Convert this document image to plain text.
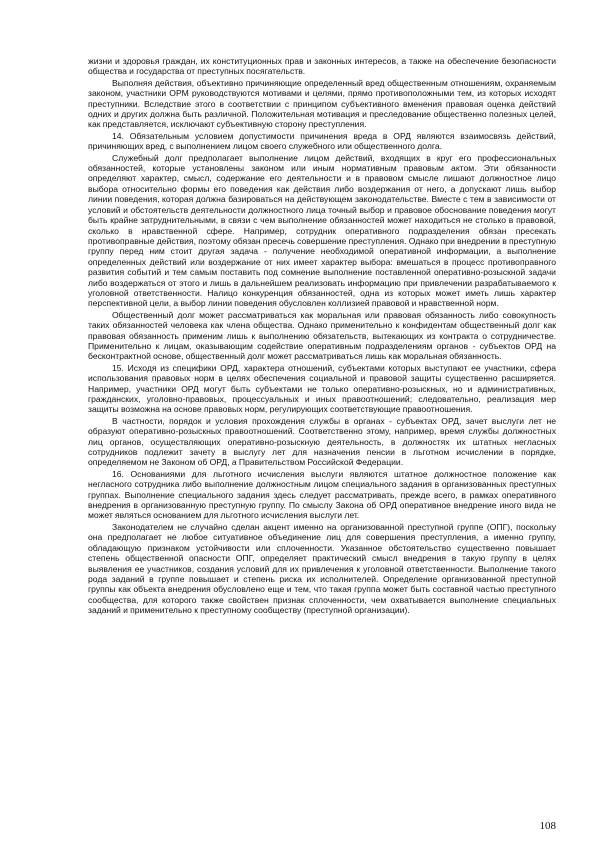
жизни и здоровья граждан, их конституционных прав и законных интересов, а также на обеспечение безопасности общества и государства от преступных посягательств.

Выполняя действия, объективно причиняющие определенный вред общественным отношениям, охраняемым законом, участники ОРМ руководствуются мотивами и целями, прямо противоположными тем, из которых исходят преступники. Вследствие этого в соответствии с принципом субъективного вменения правовая оценка действий одних и других должна быть различной. Положительная мотивация и преследование общественно полезных целей, как представляется, исключают субъективную сторону преступления.

14. Обязательным условием допустимости причинения вреда в ОРД являются взаимосвязь действий, причиняющих вред, с выполнением лицом своего служебного или общественного долга.

Служебный долг предполагает выполнение лицом действий, входящих в круг его профессиональных обязанностей, которые установлены законом или иным нормативным правовым актом. Эти обязанности определяют характер, смысл, содержание его деятельности и в правовом смысле лишают должностное лицо выбора относительно формы его поведения как действия либо воздержания от него, а допускают лишь выбор линии поведения, которая должна базироваться на действующем законодательстве. Вместе с тем в зависимости от условий и обстоятельств деятельности должностного лица точный выбор и правовое обоснование поведения могут быть крайне затруднительными, в связи с чем выполнение обязанностей может находиться не столько в правовой, сколько в нравственной сфере. Например, сотрудник оперативного подразделения обязан пресекать противоправные действия, поэтому обязан пресечь совершение преступления. Однако при внедрении в преступную группу перед ним стоит другая задача - получение необходимой оперативной информации, а выполнение определенных действий или воздержание от них имеет характер выбора: вмешаться в процесс противоправного развития событий и тем самым поставить под сомнение выполнение поставленной оперативно-розыскной задачи либо воздержаться от этого и лишь в дальнейшем реализовать информацию при привлечении разрабатываемого к уголовной ответственности. Налицо конкуренция обязанностей, одна из которых может иметь лишь характер перспективной цели, а выбор линии поведения обусловлен коллизией правовой и нравственной норм.

Общественный долг может рассматриваться как моральная или правовая обязанность либо совокупность таких обязанностей человека как члена общества. Однако применительно к конфидентам общественный долг как правовая обязанность применим лишь к выполнению обязательств, вытекающих из контракта о сотрудничестве. Применительно к лицам, оказывающим содействие оперативным подразделениям органов - субъектов ОРД на бесконтрактной основе, общественный долг может рассматриваться лишь как моральная обязанность.

15. Исходя из специфики ОРД, характера отношений, субъектами которых выступают ее участники, сфера использования правовых норм в целях обеспечения социальной и правовой защиты существенно расширяется. Например, участники ОРД могут быть субъектами не только оперативно-розыскных, но и административных, гражданских, уголовно-правовых, процессуальных и иных правоотношений; следовательно, реализация мер защиты возможна на основе правовых норм, регулирующих соответствующие правоотношения.

В частности, порядок и условия прохождения службы в органах - субъектах ОРД, зачет выслуги лет не образуют оперативно-розыскных правоотношений. Соответственно этому, например, время службы должностных лиц органов, осуществляющих оперативно-розыскную деятельность, в должностях их штатных негласных сотрудников подлежит зачету в выслугу лет для назначения пенсии в льготном исчислении в порядке, определяемом не Законом об ОРД, а Правительством Российской Федерации.

16. Основаниями для льготного исчисления выслуги являются штатное должностное положение как негласного сотрудника либо выполнение должностным лицом специального задания в организованных преступных группах. Выполнение специального задания здесь следует рассматривать, прежде всего, в рамках оперативного внедрения в организованную преступную группу. По смыслу Закона об ОРД оперативное внедрение иного вида не может являться основанием для льготного исчисления выслуги лет.

Законодателем не случайно сделан акцент именно на организованной преступной группе (ОПГ), поскольку она предполагает не любое ситуативное объединение лиц для совершения преступления, а именно группу, обладающую признаком устойчивости или сплоченности. Указанное обстоятельство существенно повышает степень общественной опасности ОПГ, определяет практический смысл внедрения в такую группу в целях выявления ее участников, создания условий для их привлечения к уголовной ответственности. Выполнение такого рода заданий в группе повышает и степень риска их исполнителей. Определение организованной преступной группы как объекта внедрения обусловлено еще и тем, что такая группа может быть составной частью преступного сообщества, для которого также свойствен признак сплоченности, чем охватывается выполнение специальных заданий и применительно к преступному сообществу (преступной организации).

108
